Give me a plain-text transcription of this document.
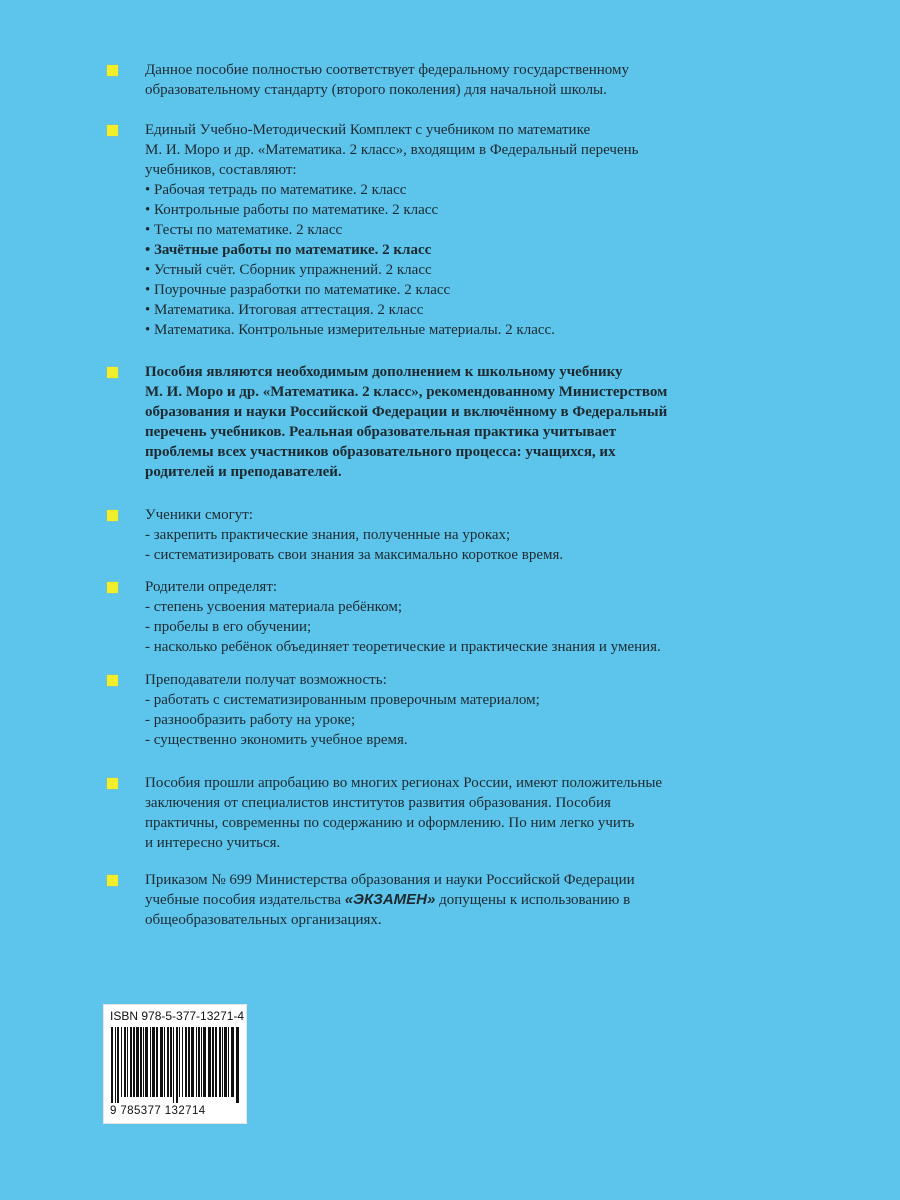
Данное пособие полностью соответствует федеральному государственному
образовательному стандарту (второго поколения) для начальной школы.
Единый Учебно-Методический Комплект с учебником по математике
М. И. Моро и др. «Математика. 2 класс», входящим в Федеральный перечень
учебников, составляют:
• Рабочая тетрадь по математике. 2 класс
• Контрольные работы по математике. 2 класс
• Тесты по математике. 2 класс
• Зачётные работы по математике. 2 класс
• Устный счёт. Сборник упражнений. 2 класс
• Поурочные разработки по математике. 2 класс
• Математика. Итоговая аттестация. 2 класс
• Математика. Контрольные измерительные материалы. 2 класс.
Пособия являются необходимым дополнением к школьному учебнику
М. И. Моро и др. «Математика. 2 класс», рекомендованному Министерством
образования и науки Российской Федерации и включённому в Федеральный
перечень учебников. Реальная образовательная практика учитывает
проблемы всех участников образовательного процесса: учащихся, их
родителей и преподавателей.
Ученики смогут:
- закрепить практические знания, полученные на уроках;
- систематизировать свои знания за максимально короткое время.
Родители определят:
- степень усвоения материала ребёнком;
- пробелы в его обучении;
- насколько ребёнок объединяет теоретические и практические знания и умения.
Преподаватели получат возможность:
- работать с систематизированным проверочным материалом;
- разнообразить работу на уроке;
- существенно экономить учебное время.
Пособия прошли апробацию во многих регионах России, имеют положительные
заключения от специалистов институтов развития образования. Пособия
практичны, современны по содержанию и оформлению. По ним легко учить
и интересно учиться.
Приказом № 699 Министерства образования и науки Российской Федерации
учебные пособия издательства «ЭКЗАМЕН» допущены к использованию в
общеобразовательных организациях.
ISBN 978-5-377-13271-4
9 785377 132714
